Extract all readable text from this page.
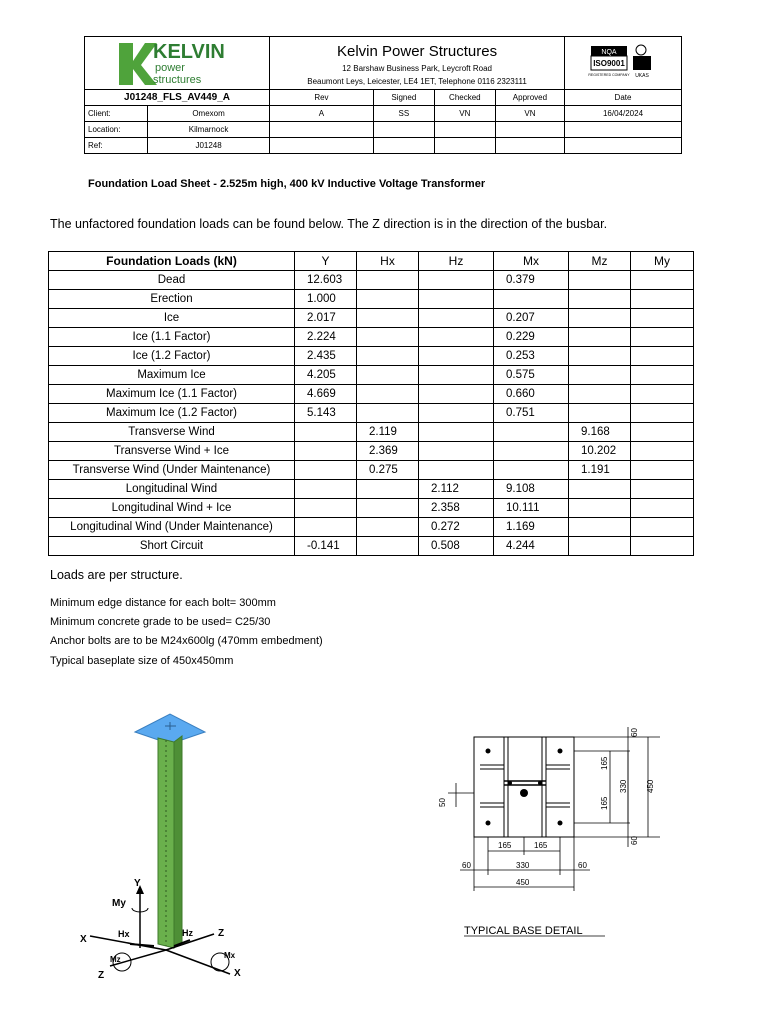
KELVIN
power
structures		Kelvin Power Structures
12 Barshaw Business Park, Leycroft Road
Beaumont Leys, Leicester, LE4 1ET, Telephone 0116 2323111				NQA
ISO9001
REGISTERED COMPANY UKAS

J01248_FLS_AV449_A		Rev	Signed	Checked	Approved	Date
Client:	Omexom	A	SS	VN	VN	16/04/2024
Location:	Kilmarnock					
Ref:	J01248					
Foundation Load Sheet - 2.525m high, 400 kV Inductive Voltage Transformer
The unfactored foundation loads can be found below. The Z direction is in the direction of the busbar.
Foundation Loads (kN)	Y	Hx	Hz	Mx	Mz	My
Dead	12.603			0.379		
Erection	1.000					
Ice	2.017			0.207		
Ice (1.1 Factor)	2.224			0.229		
Ice (1.2 Factor)	2.435			0.253		
Maximum Ice	4.205			0.575		
Maximum Ice (1.1 Factor)	4.669			0.660		
Maximum Ice (1.2 Factor)	5.143			0.751		
Transverse Wind		2.119			9.168	
Transverse Wind + Ice		2.369			10.202	
Transverse Wind (Under Maintenance)		0.275			1.191	
Longitudinal Wind			2.112	9.108		
Longitudinal Wind + Ice			2.358	10.111		
Longitudinal Wind (Under Maintenance)			0.272	1.169		
Short Circuit	-0.141		0.508	4.244		
Loads are per structure.
Minimum edge distance for each bolt= 300mm
Minimum concrete grade to be used= C25/30
Anchor bolts are to be M24x600lg (470mm embedment)
Typical baseplate size of 450x450mm
Y
My
X
X
Z
Z
Hx	Hz
Mz	Mx
60
165
165
330 450
60
50
165	165
60	330	60
450
TYPICAL BASE DETAIL
